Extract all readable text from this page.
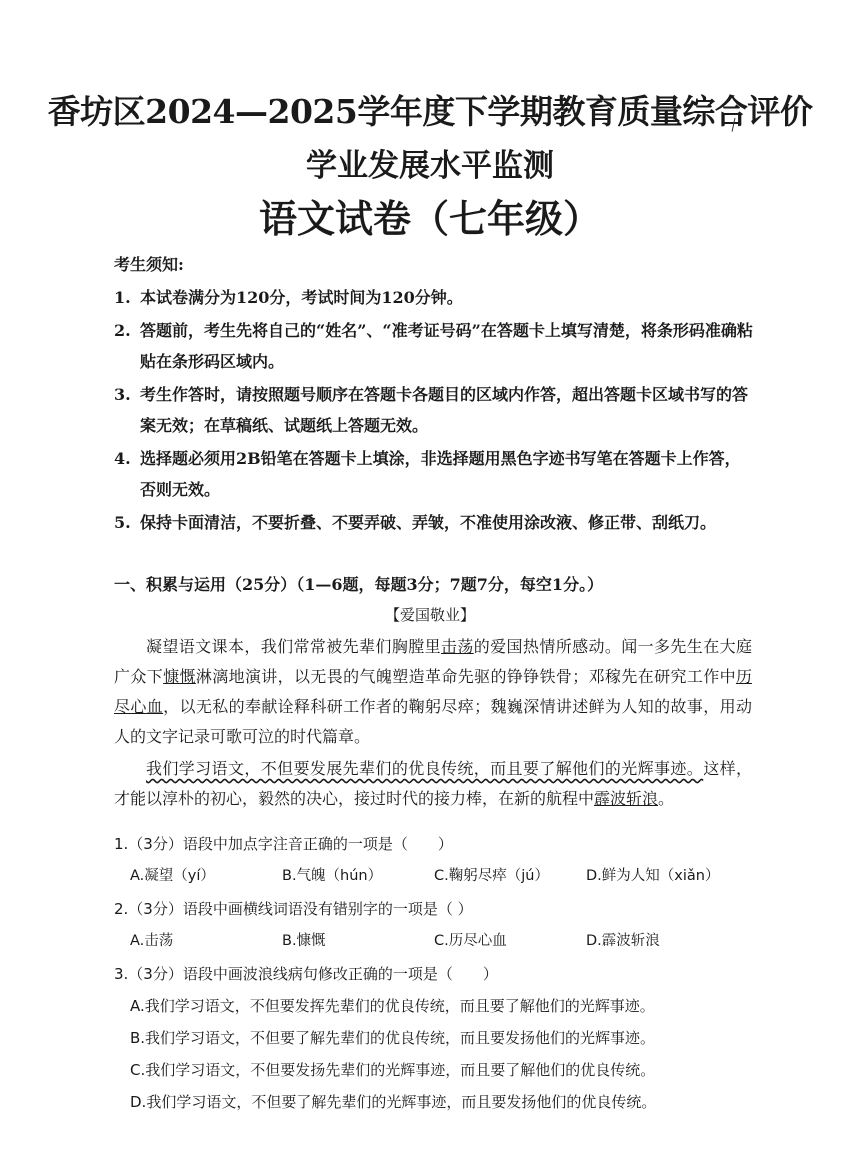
香坊区2024—2025学年度下学期教育质量综合评价
学业发展水平监测
语文试卷（七年级）
考生须知:
1. 本试卷满分为120分，考试时间为120分钟。
2. 答题前，考生先将自己的“姓名”、“准考证号码”在答题卡上填写清楚，将条形码准确粘贴在条形码区域内。
3. 考生作答时，请按照题号顺序在答题卡各题目的区域内作答，超出答题卡区域书写的答案无效；在草稿纸、试题纸上答题无效。
4. 选择题必须用2B铅笔在答题卡上填涂，非选择题用黑色字迹书写笔在答题卡上作答，否则无效。
5. 保持卡面清洁，不要折叠、不要弄破、弄皱，不准使用涂改液、修正带、刮纸刀。
一、积累与运用（25分）（1—6题，每题3分；7题7分，每空1分。）
【爱国敬业】

凝望语文课本，我们常常被先辈们胸膛里击荡的爱国热情所感动。闻一多先生在大庭广众下慷慨淋漓地演讲，以无畏的气魄塑造革命先驱的铮铮铁骨；邓稼先在研究工作中历尽心血，以无私的奉献诠释科研工作者的鞠躬尽瘁；魏巍深情讲述鲜为人知的故事，用动人的文字记录可歌可泣的时代篇章。

我们学习语文，不但要发展先辈们的优良传统，而且要了解他们的光辉事迹。这样，才能以淳朴的初心，毅然的决心，接过时代的接力棒，在新的航程中霹波斩浪。

1.（3分）语段中加点字注音正确的一项是（　　）
A.凝望（yí）	B.气魄（hún）	C.鞠躬尽瘁（jú）	D.鲜为人知（xiǎn）
2.（3分）语段中画横线词语没有错别字的一项是（ ）
A.击荡	B.慷慨	C.历尽心血	D.霹波斩浪
3.（3分）语段中画波浪线病句修改正确的一项是（　　）
A.我们学习语文，不但要发挥先辈们的优良传统，而且要了解他们的光辉事迹。
B.我们学习语文，不但要了解先辈们的优良传统，而且要发扬他们的光辉事迹。
C.我们学习语文，不但要发扬先辈们的光辉事迹，而且要了解他们的优良传统。
D.我们学习语文，不但要了解先辈们的光辉事迹，而且要发扬他们的优良传统。
